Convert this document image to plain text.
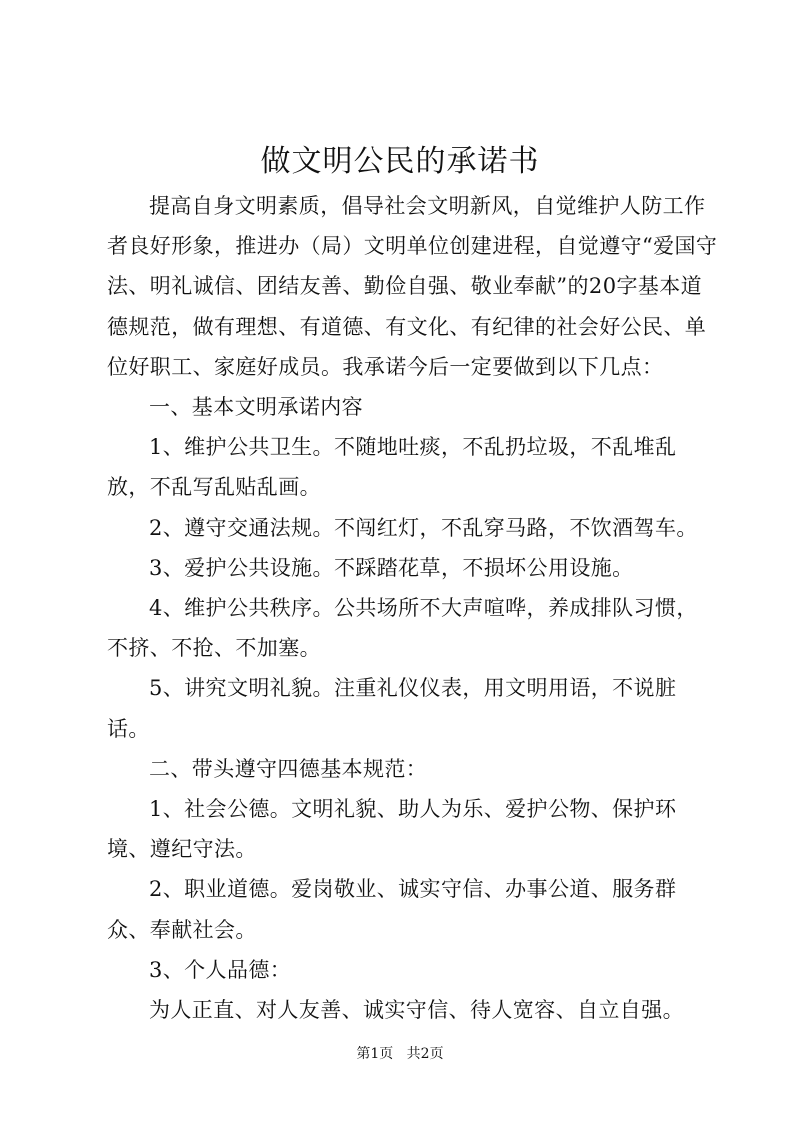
做文明公民的承诺书

提高自身文明素质，倡导社会文明新风，自觉维护人防工作者良好形象，推进办（局）文明单位创建进程，自觉遵守“爱国守法、明礼诚信、团结友善、勤俭自强、敬业奉献”的20字基本道德规范，做有理想、有道德、有文化、有纪律的社会好公民、单位好职工、家庭好成员。我承诺今后一定要做到以下几点：

一、基本文明承诺内容

1、维护公共卫生。不随地吐痰，不乱扔垃圾，不乱堆乱放，不乱写乱贴乱画。

2、遵守交通法规。不闯红灯，不乱穿马路，不饮酒驾车。

3、爱护公共设施。不踩踏花草，不损坏公用设施。

4、维护公共秩序。公共场所不大声喧哗，养成排队习惯，不挤、不抢、不加塞。

5、讲究文明礼貌。注重礼仪仪表，用文明用语，不说脏话。

二、带头遵守四德基本规范：

1、社会公德。文明礼貌、助人为乐、爱护公物、保护环境、遵纪守法。

2、职业道德。爱岗敬业、诚实守信、办事公道、服务群众、奉献社会。

3、个人品德：

为人正直、对人友善、诚实守信、待人宽容、自立自强。

第1页 共2页
